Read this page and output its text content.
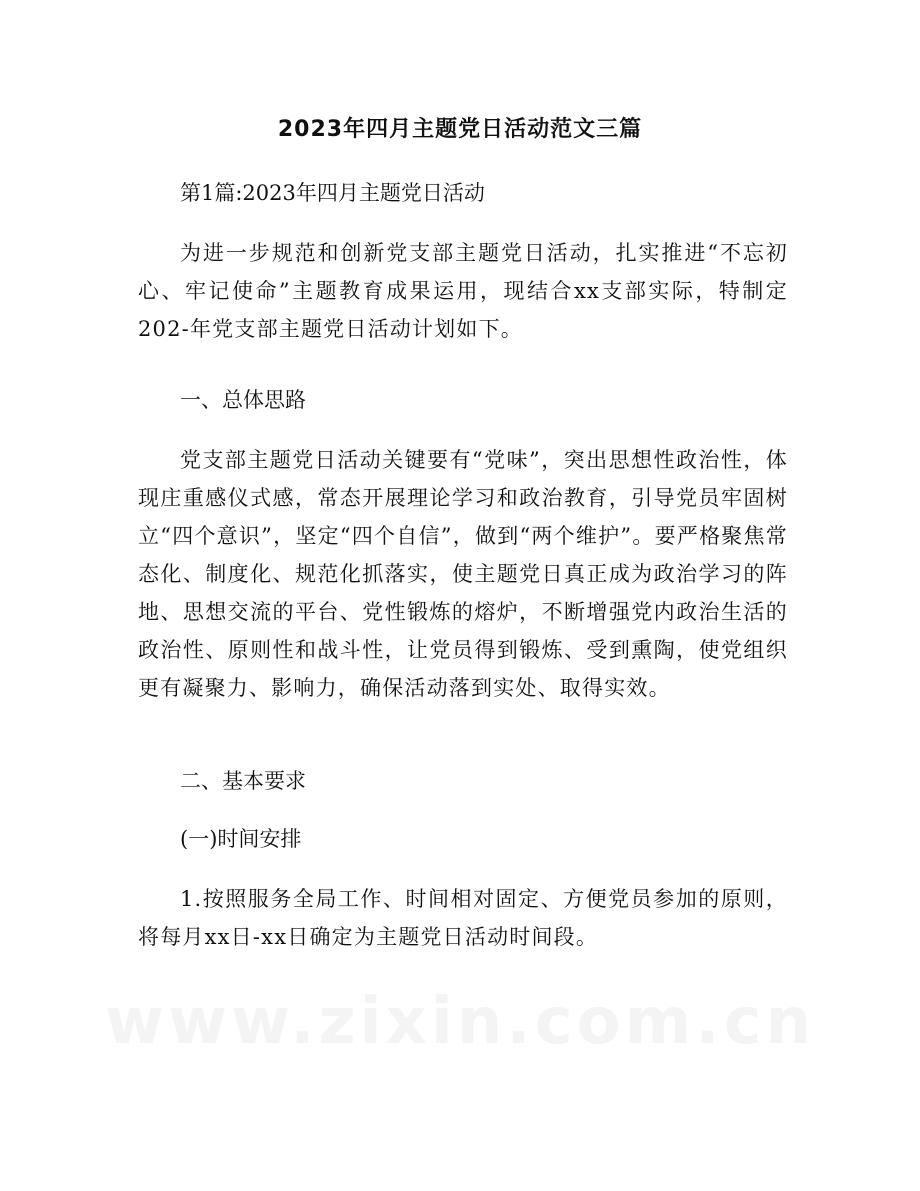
2023年四月主题党日活动范文三篇
第1篇:2023年四月主题党日活动
为进一步规范和创新党支部主题党日活动，扎实推进“不忘初心、牢记使命”主题教育成果运用，现结合xx支部实际，特制定202-年党支部主题党日活动计划如下。
一、总体思路
党支部主题党日活动关键要有“党味”，突出思想性政治性，体现庄重感仪式感，常态开展理论学习和政治教育，引导党员牢固树立“四个意识”，坚定“四个自信”，做到“两个维护”。要严格聚焦常态化、制度化、规范化抓落实，使主题党日真正成为政治学习的阵地、思想交流的平台、党性锻炼的熔炉，不断增强党内政治生活的政治性、原则性和战斗性，让党员得到锻炼、受到熏陶，使党组织更有凝聚力、影响力，确保活动落到实处、取得实效。
二、基本要求
(一)时间安排
1.按照服务全局工作、时间相对固定、方便党员参加的原则，将每月xx日-xx日确定为主题党日活动时间段。
www.zixin.com.cn
